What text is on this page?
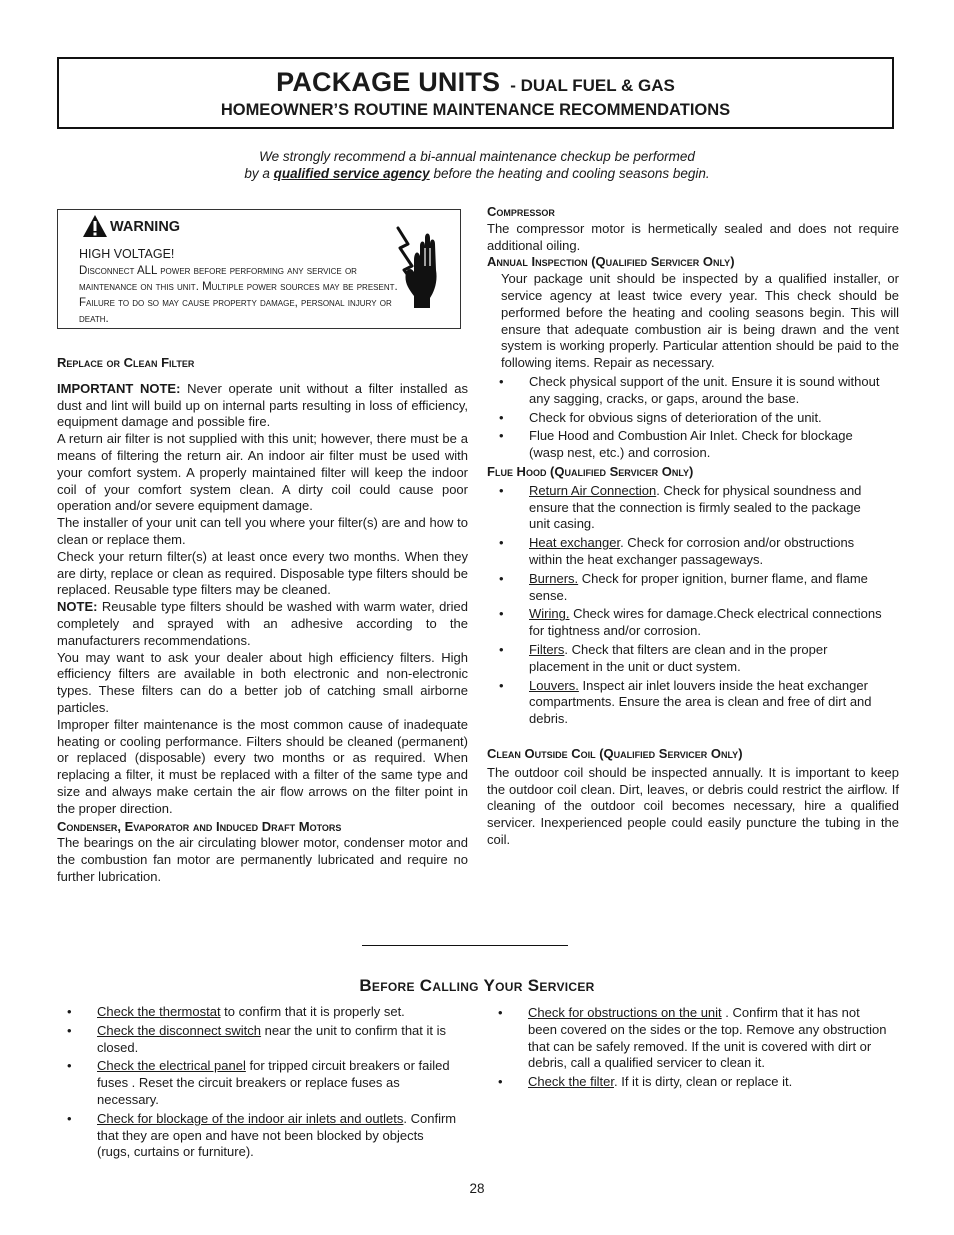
PACKAGE UNITS - DUAL FUEL & GAS
HOMEOWNER’S ROUTINE MAINTENANCE RECOMMENDATIONS
We strongly recommend a bi-annual maintenance checkup be performed
by a qualified service agency before the heating and cooling seasons begin.
WARNING
HIGH VOLTAGE!
Disconnect ALL power before performing any service or maintenance on this unit. Multiple power sources may be present. Failure to do so may cause property damage, personal injury or death.
Replace or Clean Filter

IMPORTANT NOTE: Never operate unit without a filter installed as dust and lint will build up on internal parts resulting in loss of efficiency, equipment damage and possible fire.

A return air filter is not supplied with this unit; however, there must be a means of filtering the return air. An indoor air filter must be used with your comfort system. A properly maintained filter will keep the indoor coil of your comfort system clean. A dirty coil could cause poor operation and/or severe equipment damage.

The installer of your unit can tell you where your filter(s) are and how to clean or replace them.

Check your return filter(s) at least once every two months. When they are dirty, replace or clean as required. Disposable type filters should be replaced. Reusable type filters may be cleaned.

NOTE: Reusable type filters should be washed with warm water, dried completely and sprayed with an adhesive according to the manufacturers recommendations.

You may want to ask your dealer about high efficiency filters. High efficiency filters are available in both electronic and non-electronic types. These filters can do a better job of catching small airborne particles.

Improper filter maintenance is the most common cause of inadequate heating or cooling performance. Filters should be cleaned (permanent) or replaced (disposable) every two months or as required. When replacing a filter, it must be replaced with a filter of the same type and size and always make certain the air flow arrows on the filter point in the proper direction.

Condenser, Evaporator and Induced Draft Motors

The bearings on the air circulating blower motor, condenser motor and the combustion fan motor are permanently lubricated and require no further lubrication.

Compressor

The compressor motor is hermetically sealed and does not require additional oiling.

Annual Inspection (Qualified Servicer Only)

Your package unit should be inspected by a qualified installer, or service agency at least twice every year. This check should be performed before the heating and cooling seasons begin. This will ensure that adequate combustion air is being drawn and the vent system is working properly. Particular attention should be paid to the following items. Repair as necessary.

• Check physical support of the unit. Ensure it is sound without any sagging, cracks, or gaps, around the base.
• Check for obvious signs of deterioration of the unit.
• Flue Hood and Combustion Air Inlet. Check for blockage (wasp nest, etc.) and corrosion.
Flue Hood (Qualified Servicer Only)
• Return Air Connection. Check for physical soundness and ensure that the connection is firmly sealed to the package unit casing.
• Heat exchanger. Check for corrosion and/or obstructions within the heat exchanger passageways.
• Burners. Check for proper ignition, burner flame, and flame sense.
• Wiring. Check wires for damage.Check electrical connections for tightness and/or corrosion.
• Filters. Check that filters are clean and in the proper placement in the unit or duct system.
• Louvers. Inspect air inlet louvers inside the heat exchanger compartments. Ensure the area is clean and free of dirt and debris.
Clean Outside Coil (Qualified Servicer Only)

The outdoor coil should be inspected annually. It is important to keep the outdoor coil clean. Dirt, leaves, or debris could restrict the airflow. If cleaning of the outdoor coil becomes necessary, hire a qualified servicer. Inexperienced people could easily puncture the tubing in the coil.

Before Calling Your Servicer
• Check the thermostat to confirm that it is properly set.
• Check the disconnect switch near the unit to confirm that it is closed.
• Check the electrical panel for tripped circuit breakers or failed fuses . Reset the circuit breakers or replace fuses as necessary.
• Check for blockage of the indoor air inlets and outlets. Confirm that they are open and have not been blocked by objects (rugs, curtains or furniture).
• Check for obstructions on the unit . Confirm that it has not been covered on the sides or the top. Remove any obstruction that can be safely removed. If the unit is covered with dirt or debris, call a qualified servicer to clean it.
• Check the filter. If it is dirty, clean or replace it.
28
